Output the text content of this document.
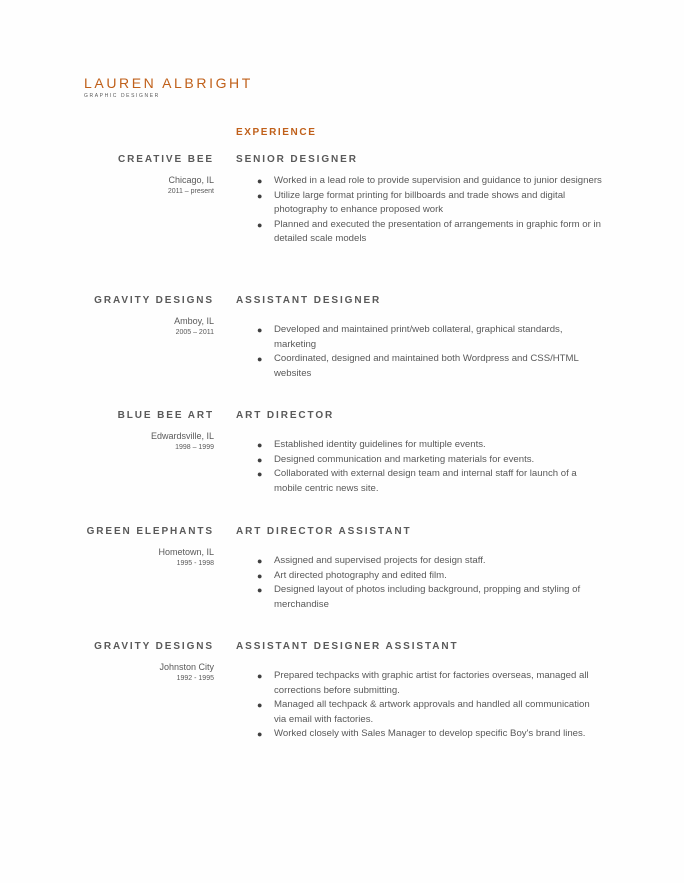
LAUREN ALBRIGHT
GRAPHIC DESIGNER
EXPERIENCE
CREATIVE BEE
Chicago, IL
2011 – present
SENIOR DESIGNER
● Worked in a lead role to provide supervision and guidance to junior designers
● Utilize large format printing for billboards and trade shows and digital photography to enhance proposed work
● Planned and executed the presentation of arrangements in graphic form or in detailed scale models
GRAVITY DESIGNS
Amboy, IL
2005 – 2011
ASSISTANT DESIGNER
● Developed and maintained print/web collateral, graphical standards, marketing
● Coordinated, designed and maintained both Wordpress and CSS/HTML websites
BLUE BEE ART
Edwardsville, IL
1998 – 1999
ART DIRECTOR
● Established identity guidelines for multiple events.
● Designed communication and marketing materials for events.
● Collaborated with external design team and internal staff for launch of a mobile centric news site.
GREEN ELEPHANTS
Hometown, IL
1995 - 1998
ART DIRECTOR ASSISTANT
● Assigned and supervised projects for design staff.
● Art directed photography and edited film.
● Designed layout of photos including background, propping and styling of merchandise
GRAVITY DESIGNS
Johnston City
1992 - 1995
ASSISTANT DESIGNER ASSISTANT
● Prepared techpacks with graphic artist for factories overseas, managed all corrections before submitting.
● Managed all techpack & artwork approvals and handled all communication via email with factories.
● Worked closely with Sales Manager to develop specific Boy's brand lines.
